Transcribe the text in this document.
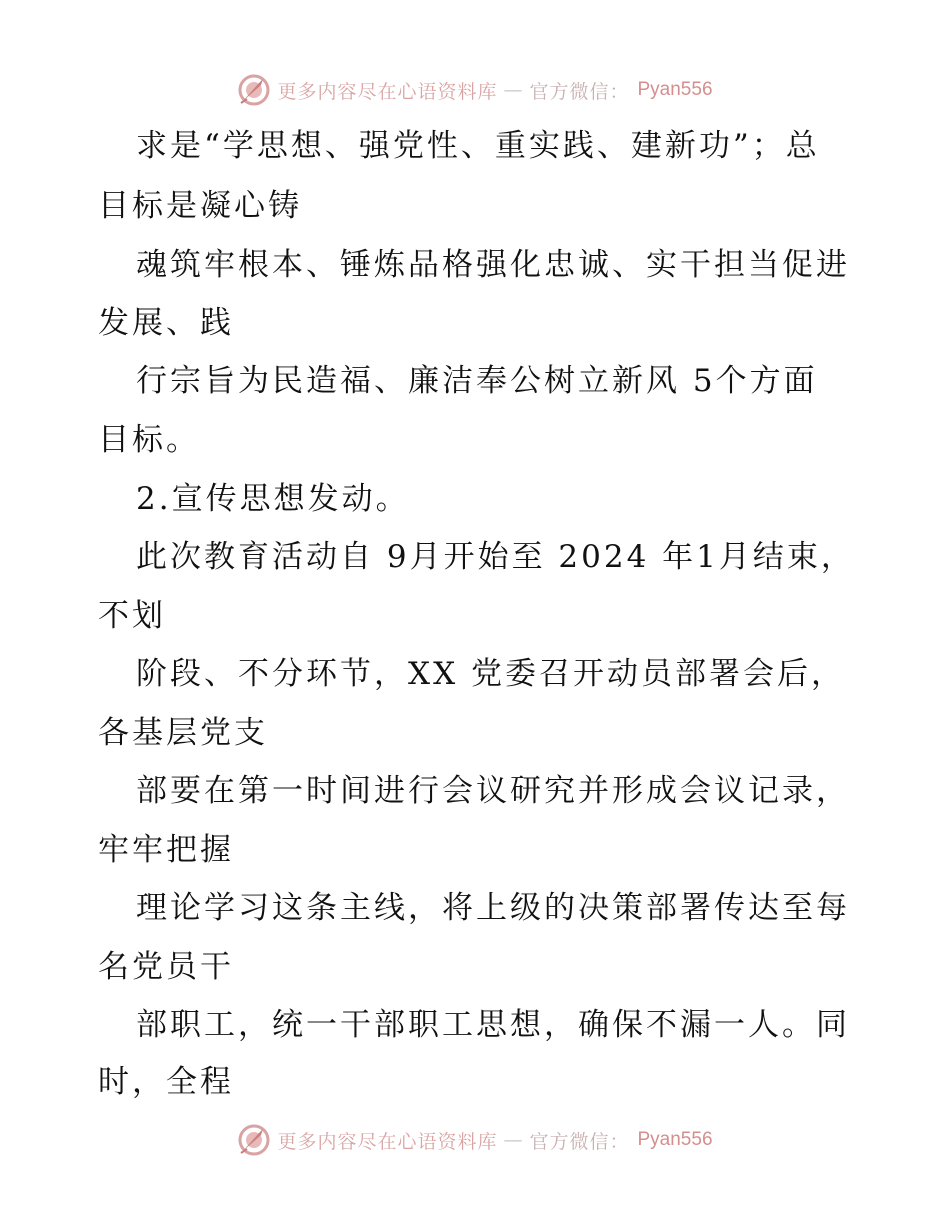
更多内容尽在心语资料库 — 官方微信： Pyan556
求是“学思想、强党性、重实践、建新功”；总
目标是凝心铸
魂筑牢根本、锤炼品格强化忠诚、实干担当促进
发展、践
行宗旨为民造福、廉洁奉公树立新风 5个方面
目标。
2.宣传思想发动。
此次教育活动自 9月开始至 2024 年1月结束，
不划
阶段、不分环节，XX 党委召开动员部署会后，
各基层党支
部要在第一时间进行会议研究并形成会议记录，
牢牢把握
理论学习这条主线，将上级的决策部署传达至每
名党员干
部职工，统一干部职工思想，确保不漏一人。同
时，全程
更多内容尽在心语资料库 — 官方微信： Pyan556
